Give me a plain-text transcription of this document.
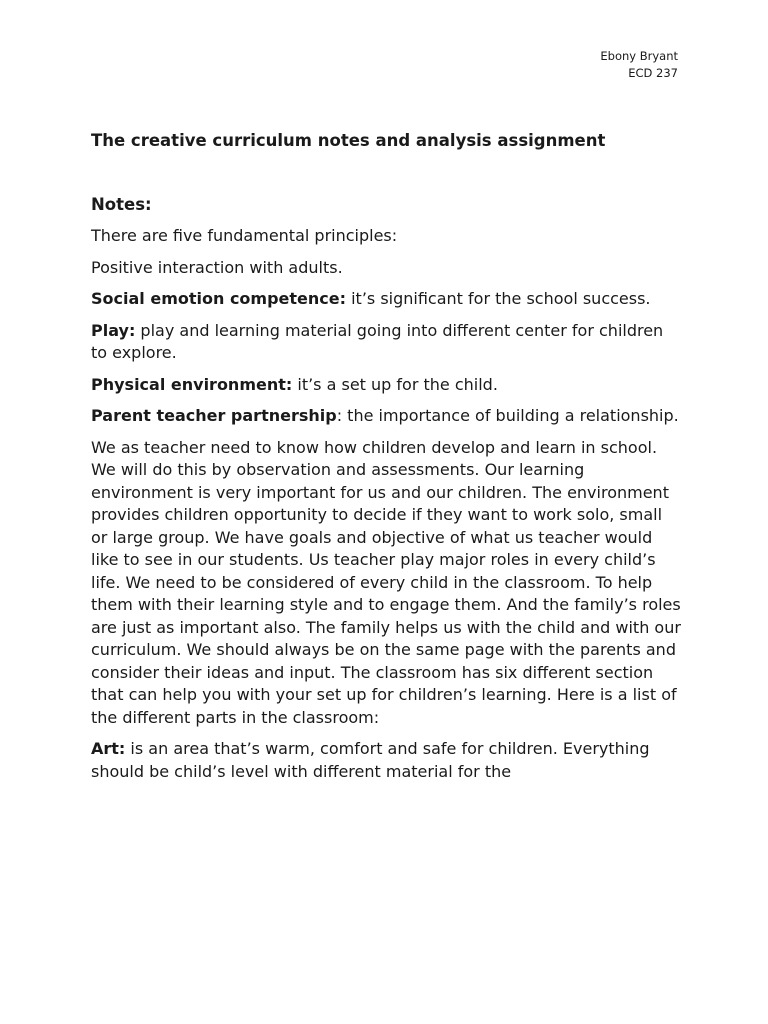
Ebony Bryant
ECD 237
The creative curriculum notes and analysis assignment
Notes:

There are five fundamental principles:

Positive interaction with adults.

Social emotion competence: it’s significant for the school success.

Play: play and learning material going into different center for children to explore.

Physical environment: it’s a set up for the child.

Parent teacher partnership: the importance of building a relationship.

We as teacher need to know how children develop and learn in school. We will do this by observation and assessments. Our learning environment is very important for us and our children. The environment provides children opportunity to decide if they want to work solo, small or large group. We have goals and objective of what us teacher would like to see in our students. Us teacher play major roles in every child’s life. We need to be considered of every child in the classroom. To help them with their learning style and to engage them. And the family’s roles are just as important also. The family helps us with the child and with our curriculum. We should always be on the same page with the parents and consider their ideas and input. The classroom has six different section that can help you with your set up for children’s learning. Here is a list of the different parts in the classroom:

Art: is an area that’s warm, comfort and safe for children. Everything should be child’s level with different material for the
